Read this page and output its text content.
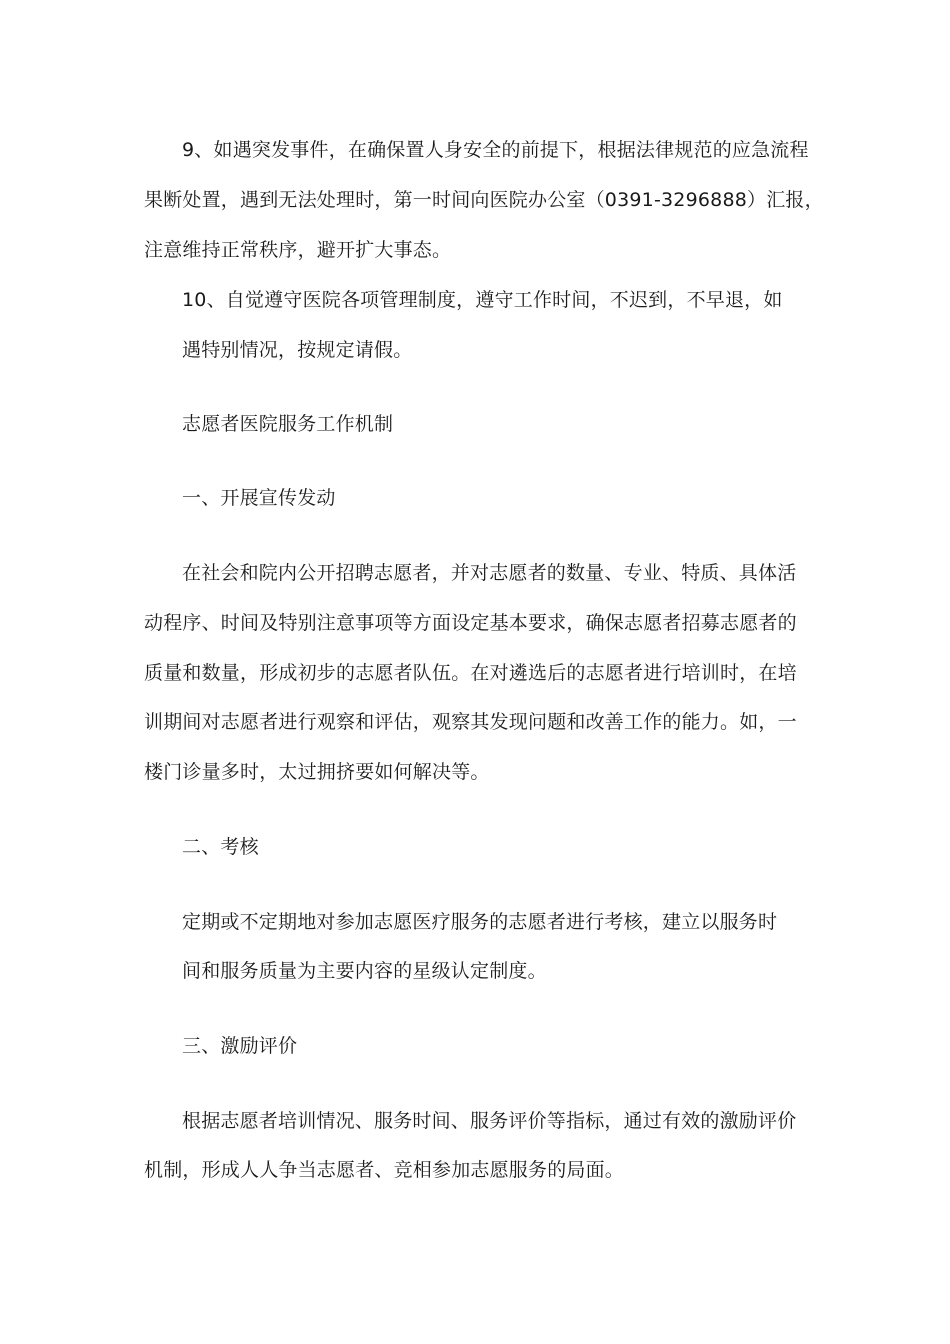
9、如遇突发事件，在确保置人身安全的前提下，根据法律规范的应急流程
果断处置，遇到无法处理时，第一时间向医院办公室（0391-3296888）汇报，
注意维持正常秩序，避开扩大事态。
10、自觉遵守医院各项管理制度，遵守工作时间，不迟到，不早退，如
遇特别情况，按规定请假。
志愿者医院服务工作机制
一、开展宣传发动
在社会和院内公开招聘志愿者，并对志愿者的数量、专业、特质、具体活
动程序、时间及特别注意事项等方面设定基本要求，确保志愿者招募志愿者的
质量和数量，形成初步的志愿者队伍。在对遴选后的志愿者进行培训时，在培
训期间对志愿者进行观察和评估，观察其发现问题和改善工作的能力。如，一
楼门诊量多时，太过拥挤要如何解决等。
二、考核
定期或不定期地对参加志愿医疗服务的志愿者进行考核，建立以服务时
间和服务质量为主要内容的星级认定制度。
三、激励评价
根据志愿者培训情况、服务时间、服务评价等指标，通过有效的激励评价
机制，形成人人争当志愿者、竞相参加志愿服务的局面。
